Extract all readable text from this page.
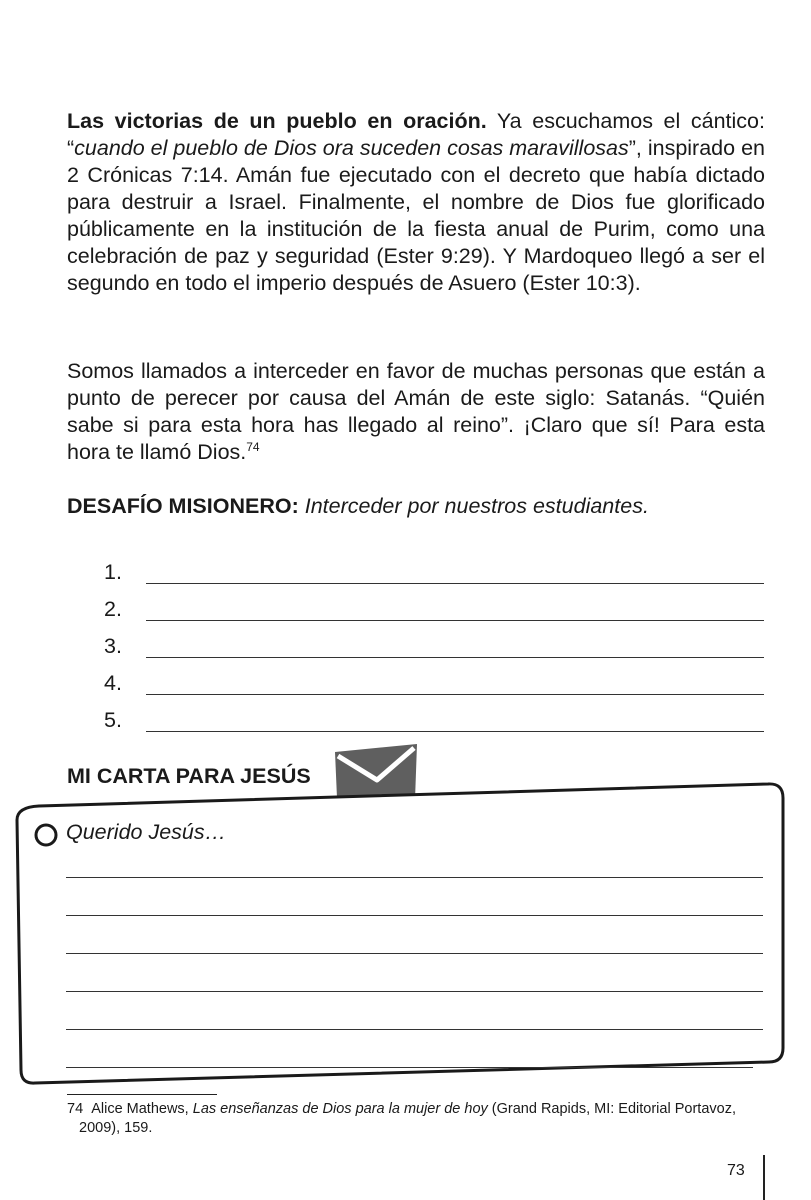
Las victorias de un pueblo en oración. Ya escuchamos el cántico: “cuando el pueblo de Dios ora suceden cosas maravillosas”, inspirado en 2 Crónicas 7:14. Amán fue ejecutado con el decreto que había dictado para destruir a Israel. Finalmente, el nombre de Dios fue glorificado públicamente en la institución de la fiesta anual de Purim, como una celebración de paz y seguridad (Ester 9:29). Y Mardoqueo llegó a ser el segundo en todo el imperio después de Asuero (Ester 10:3).

Somos llamados a interceder en favor de muchas personas que están a punto de perecer por causa del Amán de este siglo: Satanás. “Quién sabe si para esta hora has llegado al reino”. ¡Claro que sí! Para esta hora te llamó Dios.$^{74}$

DESAFÍO MISIONERO: Interceder por nuestros estudiantes.
1.
2.
3.
4.
5.
MI CARTA PARA JESÚS
Querido Jesús…
74 Alice Mathews, Las enseñanzas de Dios para la mujer de hoy (Grand Rapids, MI: Editorial Portavoz,
2009), 159.
73
